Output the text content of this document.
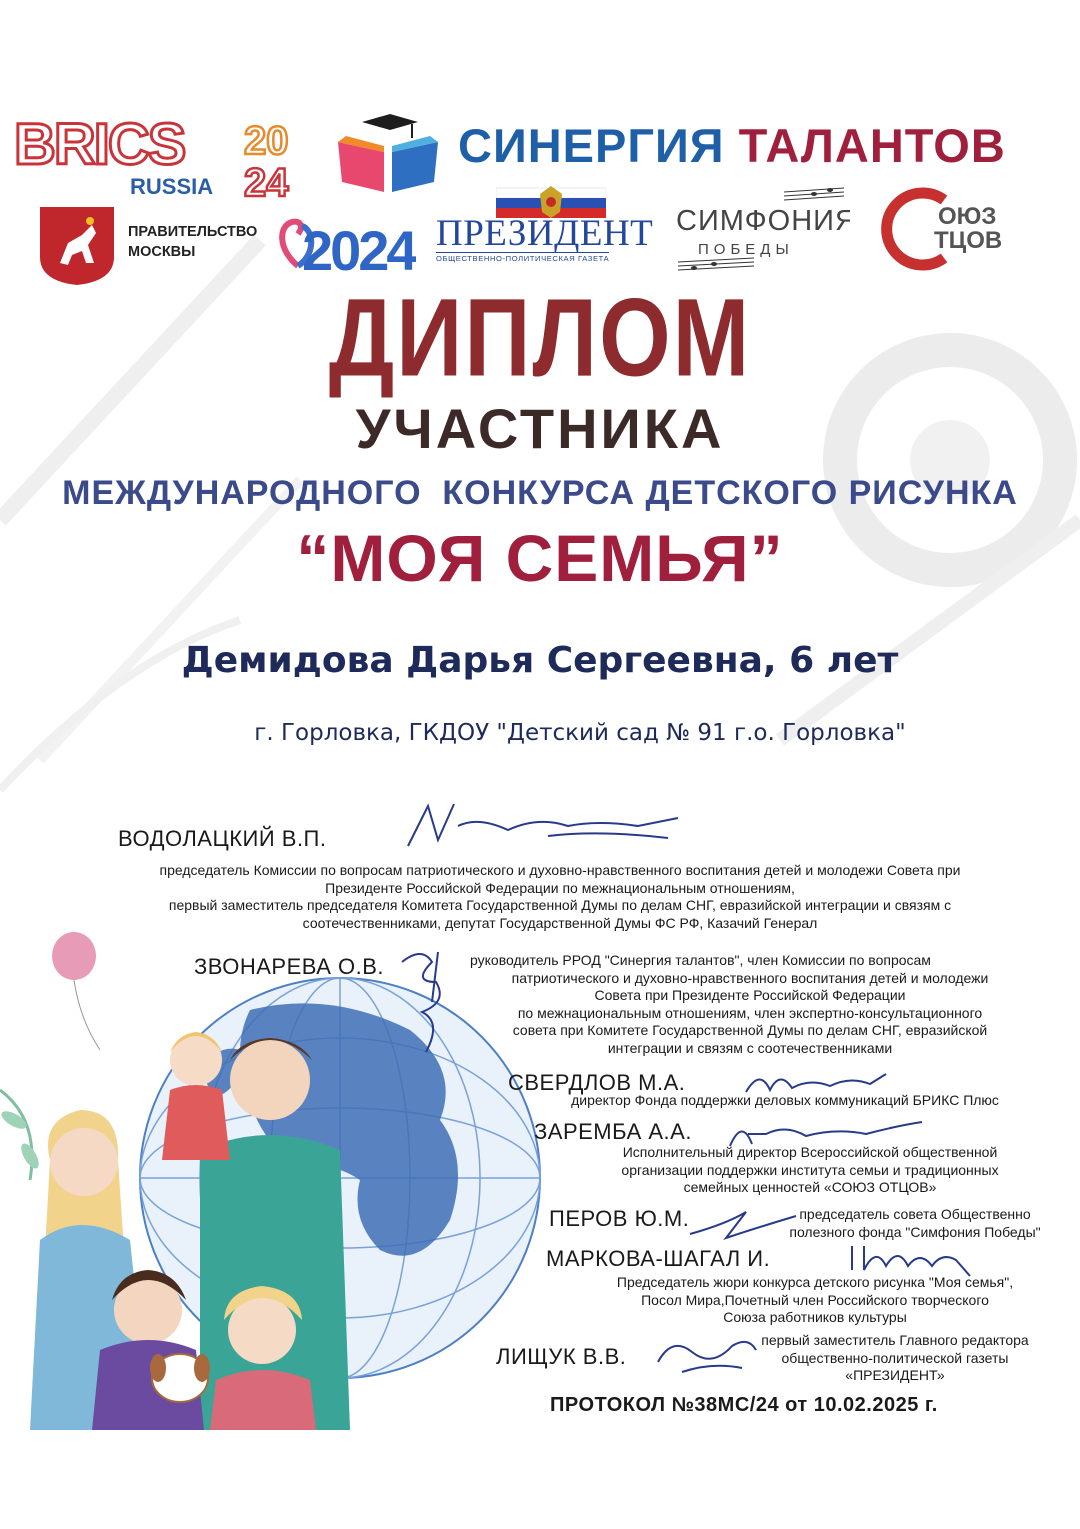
BRICS
RUSSIA
20
24
СИНЕРГИЯ ТАЛАНТОВ
ПРАВИТЕЛЬСТВО
МОСКВЫ	2024 ПРЕЗИДЕНТ
ОБЩЕСТВЕННО-ПОЛИТИЧЕСКАЯ ГАЗЕТА
СИМФОНИЯ
ПОБЕДЫ
ОЮЗ
ТЦОВ
ДИПЛОМ
УЧАСТНИКА
МЕЖДУНАРОДНОГО  КОНКУРСА ДЕТСКОГО РИСУНКА
“МОЯ СЕМЬЯ”
Демидова Дарья Сергеевна, 6 лет
г. Горловка, ГКДОУ "Детский сад № 91 г.о. Горловка"
ВОДОЛАЦКИЙ В.П.
председатель Комиссии по вопросам патриотического и духовно-нравственного воспитания детей и молодежи Совета при
Президенте Российской Федерации по межнациональным отношениям,
первый заместитель председателя Комитета Государственной Думы по делам СНГ, евразийской интеграции и связям с
соотечественниками, депутат Государственной Думы ФС РФ, Казачий Генерал
ЗВОНАРЕВА О.В.	руководитель РРОД "Синергия талантов", член Комиссии по вопросам
патриотического и духовно-нравственного воспитания детей и молодежи
Совета при Президенте Российской Федерации
по межнациональным отношениям, член экспертно-консультационного
совета при Комитете Государственной Думы по делам СНГ, евразийской
интеграции и связям с соотечественниками
СВЕРДЛОВ М.А.
директор Фонда поддержки деловых коммуникаций БРИКС Плюс
ЗАРЕМБА А.А.
Исполнительный директор Всероссийской общественной
организации поддержки института семьи и традиционных
семейных ценностей «СОЮЗ ОТЦОВ»
ПЕРОВ Ю.М.	председатель совета Общественно
полезного фонда "Симфония Победы"
МАРКОВА-ШАГАЛ И.
Председатель жюри конкурса детского рисунка "Моя семья",
Посол Мира,Почетный член Российского творческого
Союза работников культуры
ЛИЩУК В.В.
первый заместитель Главного редактора
общественно-политической газеты
«ПРЕЗИДЕНТ»
ПРОТОКОЛ №38МС/24 от 10.02.2025 г.
